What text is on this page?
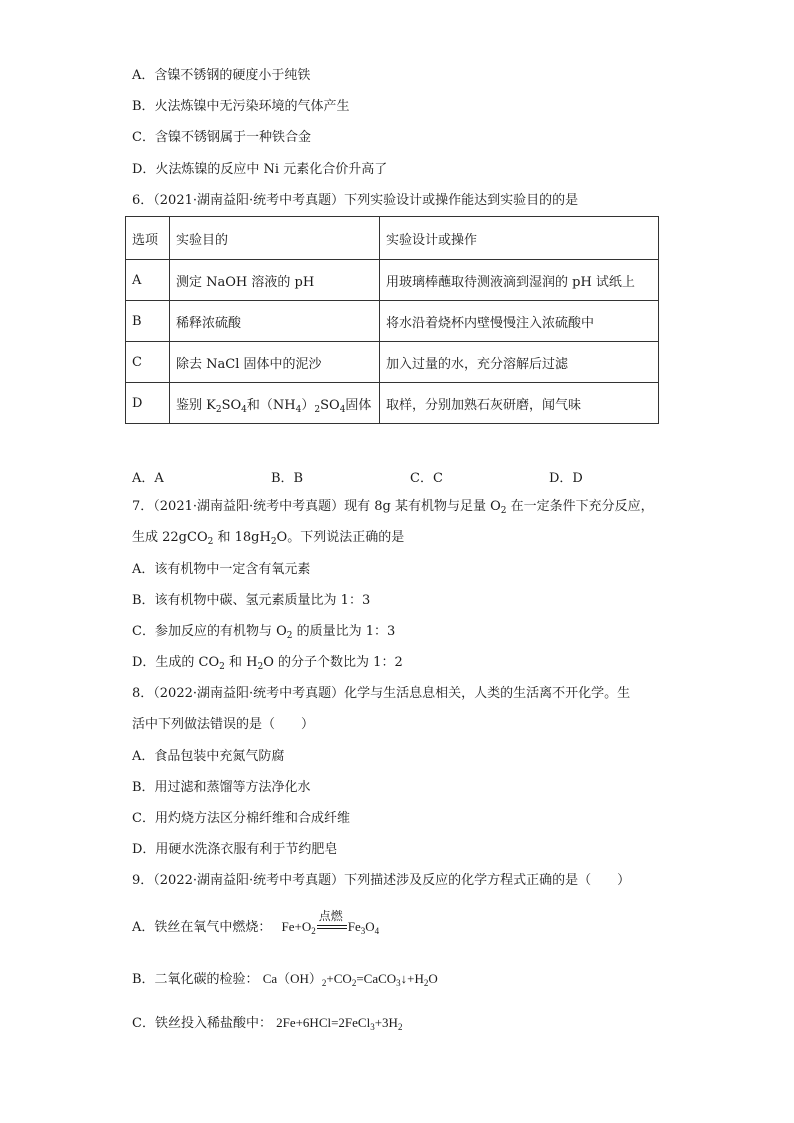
A．含镍不锈钢的硬度小于纯铁
B．火法炼镍中无污染环境的气体产生
C．含镍不锈钢属于一种铁合金
D．火法炼镍的反应中 Ni 元素化合价升高了
6．（2021·湖南益阳·统考中考真题）下列实验设计或操作能达到实验目的的是
选项	实验目的	实验设计或操作
A	测定 NaOH 溶液的 pH	用玻璃棒蘸取待测液滴到湿润的 pH 试纸上
B	稀释浓硫酸	将水沿着烧杯内壁慢慢注入浓硫酸中
C	除去 NaCl 固体中的泥沙	加入过量的水，充分溶解后过滤
D	鉴别 $K_2SO_4$和$(NH_4)_2SO_4$固体	取样，分别加熟石灰研磨，闻气味
A．A	B．B	C．C	D．D
7．（2021·湖南益阳·统考中考真题）现有 8g 某有机物与足量 $O_2$ 在一定条件下充分反应，
生成 22gCO$_2$ 和 $18gH_2O$。下列说法正确的是
A．该有机物中一定含有氧元素
B．该有机物中碳、氢元素质量比为 1：3
C．参加反应的有机物与 $O_2$ 的质量比为 1：3
D．生成的 $CO_2$ 和 $H_2O$ 的分子个数比为 1：2
8．（2022·湖南益阳·统考中考真题）化学与生活息息相关，人类的生活离不开化学。生
活中下列做法错误的是（　　）
A．食品包装中充氮气防腐
B．用过滤和蒸馏等方法净化水
C．用灼烧方法区分棉纤维和合成纤维
D．用硬水洗涤衣服有利于节约肥皂
9．（2022·湖南益阳·统考中考真题）下列描述涉及反应的化学方程式正确的是（　　）
A．铁丝在氧气中燃烧： $Fe+O_2$
点燃
$Fe_3O_4$
B．二氧化碳的检验： $Ca(OH)_2+CO_2=CaCO_3↓+H_2O$
C．铁丝投入稀盐酸中： $2Fe+6HCl=2FeCl_3+3H_2$
